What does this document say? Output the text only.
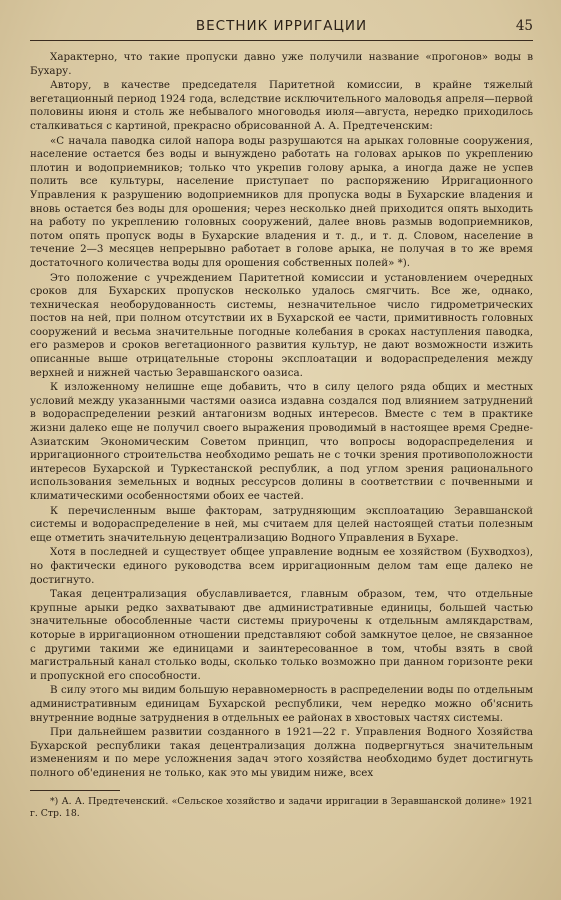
ВЕСТНИК ИРРИГАЦИИ	45

Характерно, что такие пропуски давно уже получили название «прогонов» воды в Бухару.

Автору, в качестве председателя Паритетной комиссии, в крайне тяжелый вегетационный период 1924 года, вследствие исключительного маловодья апреля—первой половины июня и столь же небывалого многоводья июля—августа, нередко приходилось сталкиваться с картиной, прекрасно обрисованной А. А. Предтеченским:

«С начала паводка силой напора воды разрушаются на арыках головные сооружения, население остается без воды и вынуждено работать на головах арыков по укреплению плотин и водоприемников; только что укрепив голову арыка, а иногда даже не успев полить все культуры, население приступает по распоряжению Ирригационного Управления к разрушению водоприемников для пропуска воды в Бухарские владения и вновь остается без воды для орошения; через несколько дней приходится опять выходить на работу по укреплению головных сооружений, далее вновь размыв водоприемников, потом опять пропуск воды в Бухарские владения и т. д., и т. д. Словом, население в течение 2—3 месяцев непрерывно работает в голове арыка, не получая в то же время достаточного количества воды для орошения собственных полей» *).

Это положение с учреждением Паритетной комиссии и установлением очередных сроков для Бухарских пропусков несколько удалось смягчить. Все же, однако, техническая необорудованность системы, незначительное число гидрометрических постов на ней, при полном отсутствии их в Бухарской ее части, примитивность головных сооружений и весьма значительные погодные колебания в сроках наступления паводка, его размеров и сроков вегетационного развития культур, не дают возможности изжить описанные выше отрицательные стороны эксплоатации и водораспределения между верхней и нижней частью Зеравшанского оазиса.

К изложенному нелишне еще добавить, что в силу целого ряда общих и местных условий между указанными частями оазиса издавна создался под влиянием затруднений в водораспределении резкий антагонизм водных интересов. Вместе с тем в практике жизни далеко еще не получил своего выражения проводимый в настоящее время Средне-Азиатским Экономическим Советом принцип, что вопросы водораспределения и ирригационного строительства необходимо решать не с точки зрения противоположности интересов Бухарской и Туркестанской республик, а под углом зрения рационального использования земельных и водных рессурсов долины в соответствии с почвенными и климатическими особенностями обоих ее частей.

К перечисленным выше факторам, затрудняющим эксплоатацию Зеравшанской системы и водораспределение в ней, мы считаем для целей настоящей статьи полезным еще отметить значительную децентрализацию Водного Управления в Бухаре.

Хотя в последней и существует общее управление водным ее хозяйством (Бухводхоз), но фактически единого руководства всем ирригационным делом там еще далеко не достигнуто.

Такая децентрализация обуславливается, главным образом, тем, что отдельные крупные арыки редко захватывают две административные единицы, большей частью значительные обособленные части системы приурочены к отдельным амлякдарствам, которые в ирригационном отношении представляют собой замкнутое целое, не связанное с другими такими же единицами и заинтересованное в том, чтобы взять в свой магистральный канал столько воды, сколько только возможно при данном горизонте реки и пропускной его способности.

В силу этого мы видим большую неравномерность в распределении воды по отдельным административным единицам Бухарской республики, чем нередко можно об'яснить внутренние водные затруднения в отдельных ее районах в хвостовых частях системы.

При дальнейшем развитии созданного в 1921—22 г. Управления Водного Хозяйства Бухарской республики такая децентрализация должна подвергнуться значительным изменениям и по мере усложнения задач этого хозяйства необходимо будет достигнуть полного об'единения не только, как это мы увидим ниже, всех

*) А. А. Предтеченский. «Сельское хозяйство и задачи ирригации в Зеравшанской долине» 1921 г. Стр. 18.
